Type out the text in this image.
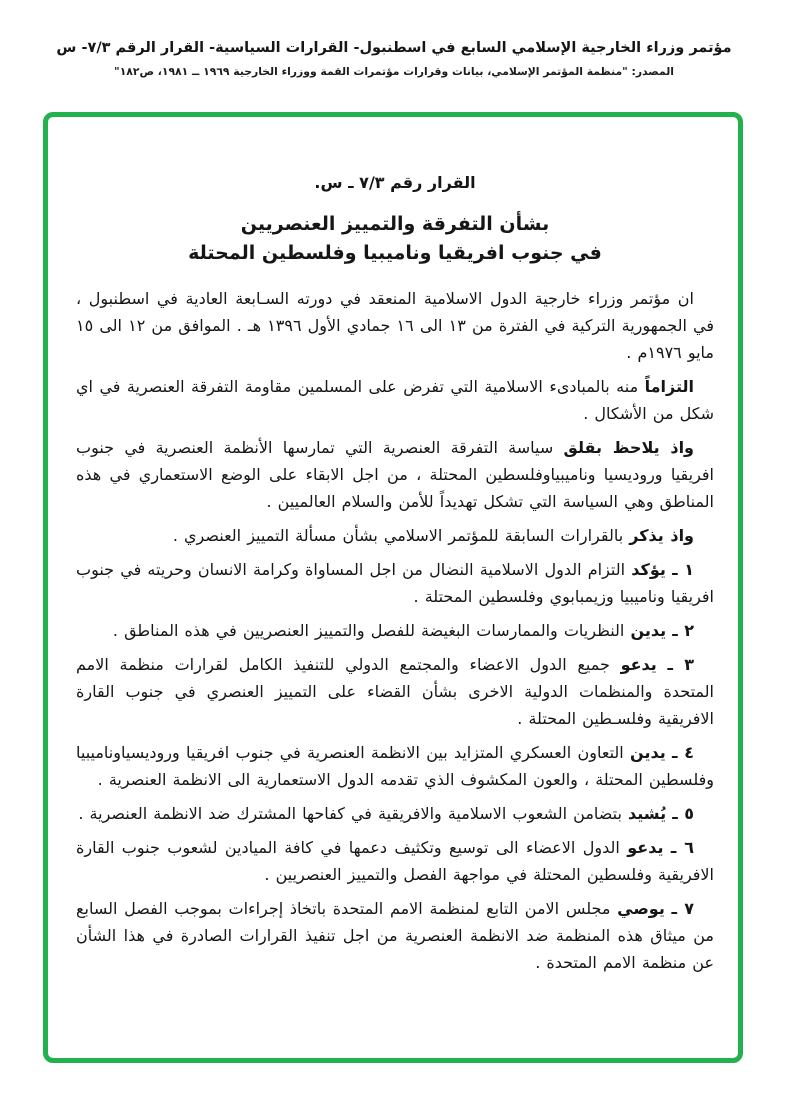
مؤتمر وزراء الخارجية الإسلامي السابع في اسطنبول- القرارات السياسية- القرار الرقم ٧/٣- س
المصدر: "منظمة المؤتمر الإسلامي، بيانات وقرارات مؤتمرات القمة ووزراء الخارجية ١٩٦٩ ــ ١٩٨١، ص١٨٢"
القرار رقم ٧/٣ ـ س.
بشأن التفرقة والتمييز العنصريين
في جنوب افريقيا وناميبيا وفلسطين المحتلة

ان مؤتمر وزراء خارجية الدول الاسلامية المنعقد في دورته السـابعة العادية في اسطنبول ، في الجمهورية التركية في الفترة من ١٣ الى ١٦ جمادي الأول ١٣٩٦ هـ . الموافق من ١٢ الى ١٥ مايو ١٩٧٦م .

التزاماً منه بالمبادىء الاسلامية التي تفرض على المسلمين مقاومة التفرقة العنصرية في اي شكل من الأشكال .

واذ يلاحظ بقلق سياسة التفرقة العنصرية التي تمارسها الأنظمة العنصرية في جنوب افريقيا وروديسيا وناميبياوفلسطين المحتلة ، من اجل الابقاء على الوضع الاستعماري في هذه المناطق وهي السياسة التي تشكل تهديداً للأمن والسلام العالميين .

واذ يذكر بالقرارات السابقة للمؤتمر الاسلامي بشأن مسألة التمييز العنصري .

١ ـ يؤكد التزام الدول الاسلامية النضال من اجل المساواة وكرامة الانسان وحريته في جنوب افريقيا وناميبيا وزيمبابوي وفلسطين المحتلة .

٢ ـ يدين النظريات والممارسات البغيضة للفصل والتمييز العنصريين في هذه المناطق .

٣ ـ يدعو جميع الدول الاعضاء والمجتمع الدولي للتنفيذ الكامل لقرارات منظمة الامم المتحدة والمنظمات الدولية الاخرى بشأن القضاء على التمييز العنصري في جنوب القارة الافريقية وفلسـطين المحتلة .

٤ ـ يدين التعاون العسكري المتزايد بين الانظمة العنصرية في جنوب افريقيا وروديسياوناميبيا وفلسطين المحتلة ، والعون المكشوف الذي تقدمه الدول الاستعمارية الى الانظمة العنصرية .

٥ ـ يُشيد بتضامن الشعوب الاسلامية والافريقية في كفاحها المشترك ضد الانظمة العنصرية .

٦ ـ يدعو الدول الاعضاء الى توسيع وتكثيف دعمها في كافة الميادين لشعوب جنوب القارة الافريقية وفلسطين المحتلة في مواجهة الفصل والتمييز العنصريين .

٧ ـ يوصي مجلس الامن التابع لمنظمة الامم المتحدة باتخاذ إجراءات بموجب الفصل السابع من ميثاق هذه المنظمة ضد الانظمة العنصرية من اجل تنفيذ القرارات الصادرة في هذا الشأن عن منظمة الامم المتحدة .
